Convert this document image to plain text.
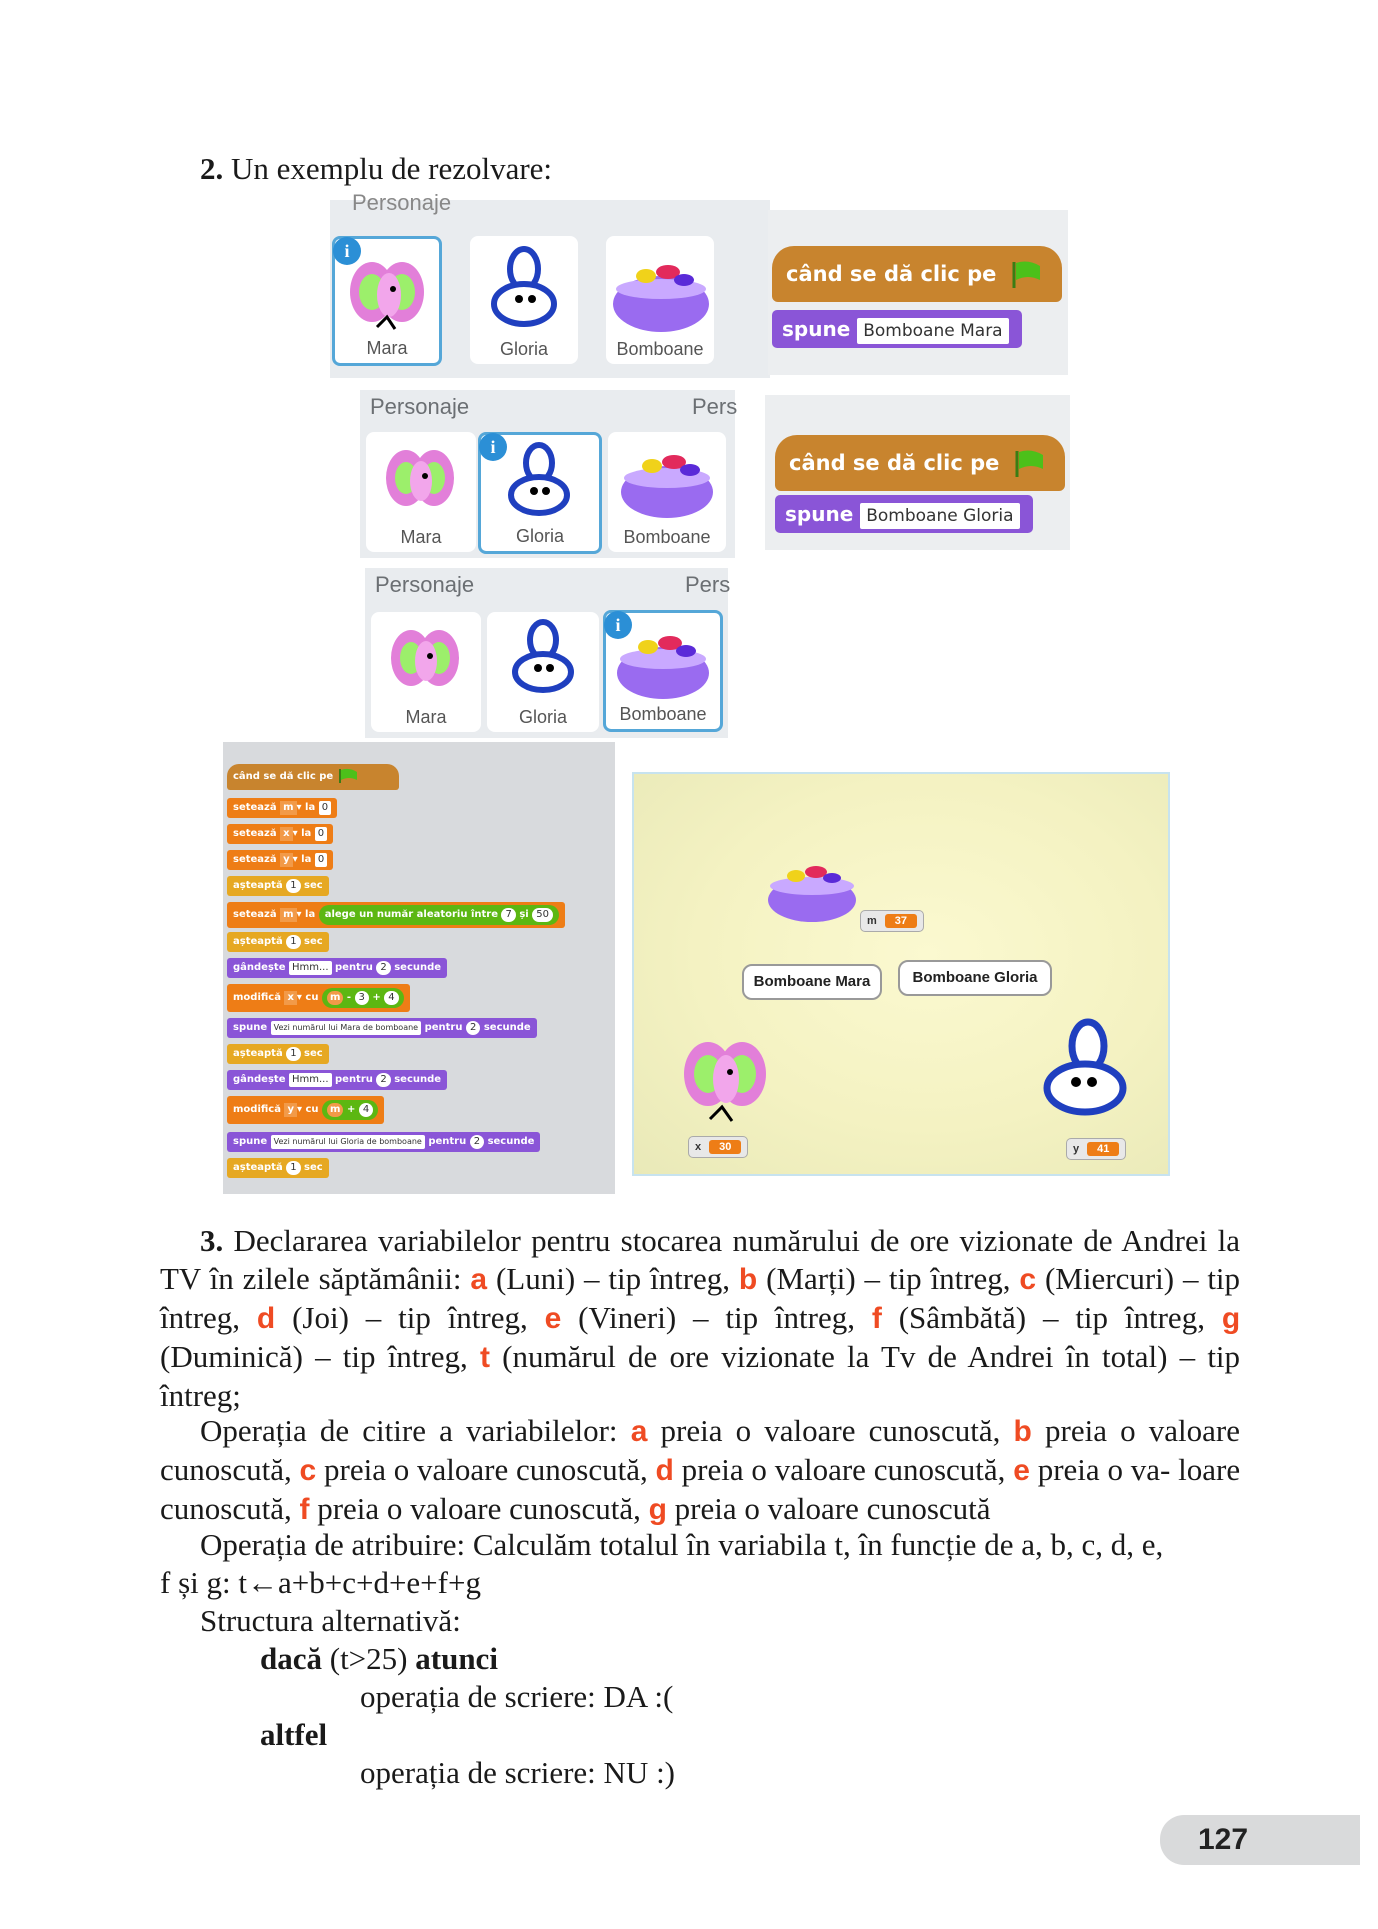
2. Un exemplu de rezolvare:
Personaje
i
Mara	Gloria	Bomboane
când se dă clic pe
spune Bomboane Mara
Personaje	Pers
Mara
i
Gloria	Bomboane
când se dă clic pe
spune Bomboane Gloria
Personaje	Pers
Mara	Gloria
i
Bomboane
când se dă clic pe
setează m ▾ la 0
setează x ▾ la 0
setează y ▾ la 0
așteaptă 1 sec
setează m ▾ la alege un număr aleatoriu între 7 și 50
așteaptă 1 sec
gândește Hmm... pentru 2 secunde
modifică x ▾ cu m - 3 + 4
spune Vezi numărul lui Mara de bomboane pentru 2 secunde
așteaptă 1 sec
gândește Hmm... pentru 2 secunde
modifică y ▾ cu m + 4
spune Vezi numărul lui Gloria de bomboane pentru 2 secunde
așteaptă 1 sec
m 37
Bomboane Mara	Bomboane Gloria
x 30	y 41
3. Declararea variabilelor pentru stocarea numărului de ore vizionate de Andrei la TV în zilele săptămânii: a (Luni) – tip întreg, b (Marți) – tip întreg, c (Miercuri) – tip întreg, d (Joi) – tip întreg, e (Vineri) – tip întreg, f (Sâmbătă) – tip întreg, g (Duminică) – tip întreg, t (numărul de ore vizionate la Tv de Andrei în total) – tip întreg;
Operația de citire a variabilelor: a preia o valoare cunoscută, b preia o valoare cunoscută, c preia o valoare cunoscută, d preia o valoare cunoscută, e preia o va- loare cunoscută, f preia o valoare cunoscută, g preia o valoare cunoscută
Operația de atribuire: Calculăm totalul în variabila t, în funcție de a, b, c, d, e,
f și g: t←a+b+c+d+e+f+g
Structura alternativă:
dacă (t>25) atunci
operația de scriere: DA :(
altfel
operația de scriere: NU :)
127
